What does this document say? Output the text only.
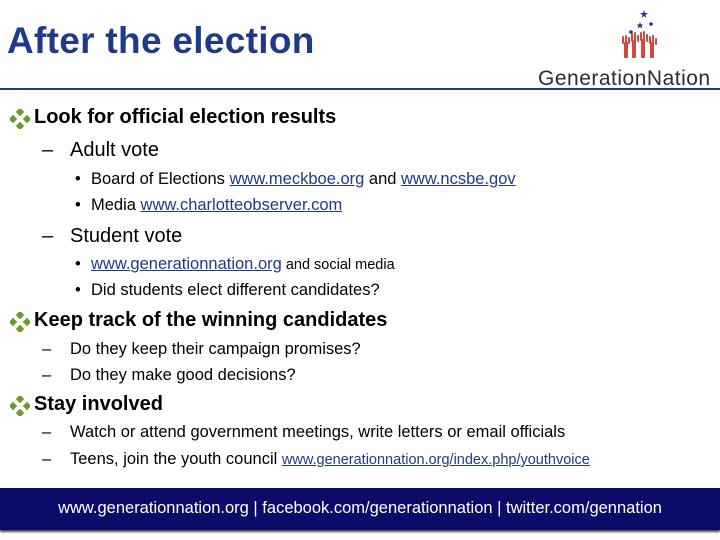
After the election
GenerationNation
Look for official election results
– Adult vote
• Board of Elections www.meckboe.org and www.ncsbe.gov
• Media www.charlotteobserver.com
– Student vote
• www.generationnation.org and social media
• Did students elect different candidates?
Keep track of the winning candidates
– Do they keep their campaign promises?
– Do they make good decisions?
Stay involved
– Watch or attend government meetings, write letters or email officials
– Teens, join the youth council www.generationnation.org/index.php/youthvoice
www.generationnation.org | facebook.com/generationnation | twitter.com/gennation
